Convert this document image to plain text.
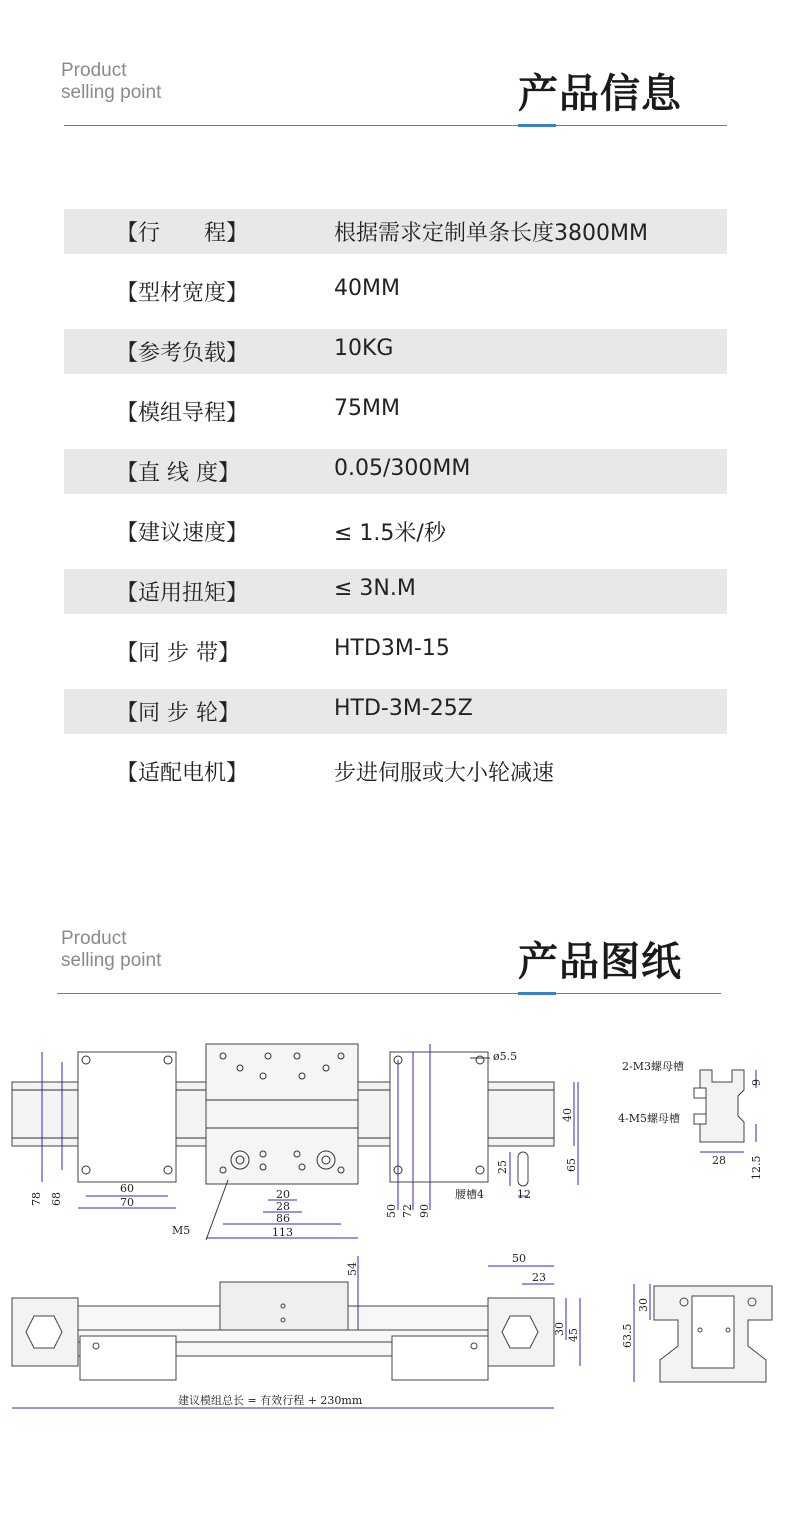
Product
selling point	产品信息
【行　　程】	根据需求定制单条长度3800MM
【型材宽度】	40MM
【参考负载】	10KG
【模组导程】	75MM
【直 线 度】	0.05/300MM
【建议速度】	≤ 1.5米/秒
【适用扭矩】	≤ 3N.M
【同 步 带】	HTD3M-15
【同 步 轮】	HTD-3M-25Z
【适配电机】	步进伺服或大小轮减速
Product
selling point	产品图纸
60
70
78 68	20
28
86
113
M5
50 72 90
ø5.5
40
65
25
12
腰槽4
2-M3螺母槽
4-M5螺母槽
28
9
12.5
建议模组总长 = 有效行程 + 230mm
54
50
23
30 45	63.5
30
